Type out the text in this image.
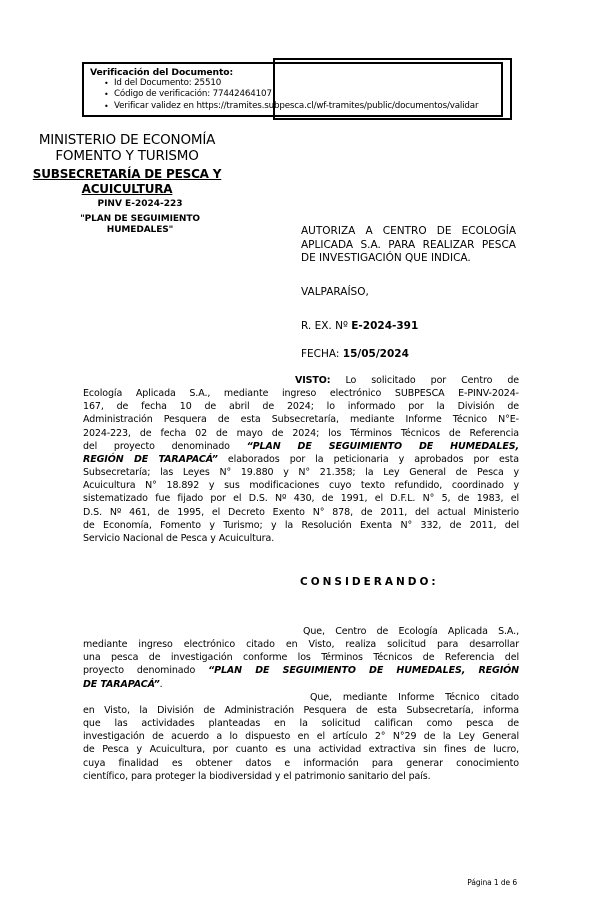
Verificación del Documento:
• Id del Documento: 25510
• Código de verificación: 77442464107
• Verificar validez en https://tramites.subpesca.cl/wf-tramites/public/documentos/validar
MINISTERIO DE ECONOMÍA
FOMENTO Y TURISMO
SUBSECRETARÍA DE PESCA Y
ACUICULTURA
PINV E-2024-223
"PLAN DE SEGUIMIENTO HUMEDALES"	AUTORIZA A CENTRO DE ECOLOGÍA
APLICADA S.A. PARA REALIZAR PESCA
DE INVESTIGACIÓN QUE INDICA.
VALPARAÍSO,
R. EX. Nº E-2024-391
FECHA: 15/05/2024
VISTO: Lo solicitado por Centro de
Ecología Aplicada S.A., mediante ingreso electrónico SUBPESCA E-PINV-2024-
167, de fecha 10 de abril de 2024; lo informado por la División de
Administración Pesquera de esta Subsecretaría, mediante Informe Técnico N°E-
2024-223, de fecha 02 de mayo de 2024; los Términos Técnicos de Referencia
del proyecto denominado “PLAN DE SEGUIMIENTO DE HUMEDALES,
REGIÓN DE TARAPACÁ” elaborados por la peticionaria y aprobados por esta
Subsecretaría; las Leyes N° 19.880 y N° 21.358; la Ley General de Pesca y
Acuicultura N° 18.892 y sus modificaciones cuyo texto refundido, coordinado y
sistematizado fue fijado por el D.S. Nº 430, de 1991, el D.F.L. N° 5, de 1983, el
D.S. Nº 461, de 1995, el Decreto Exento N° 878, de 2011, del actual Ministerio
de Economía, Fomento y Turismo; y la Resolución Exenta N° 332, de 2011, del
Servicio Nacional de Pesca y Acuicultura.
CONSIDERANDO:
Que, Centro de Ecología Aplicada S.A.,
mediante ingreso electrónico citado en Visto, realiza solicitud para desarrollar
una pesca de investigación conforme los Términos Técnicos de Referencia del
proyecto denominado “PLAN DE SEGUIMIENTO DE HUMEDALES, REGIÓN
DE TARAPACÁ”.
Que, mediante Informe Técnico citado
en Visto, la División de Administración Pesquera de esta Subsecretaría, informa
que las actividades planteadas en la solicitud califican como pesca de
investigación de acuerdo a lo dispuesto en el artículo 2° N°29 de la Ley General
de Pesca y Acuicultura, por cuanto es una actividad extractiva sin fines de lucro,
cuya finalidad es obtener datos e información para generar conocimiento
científico, para proteger la biodiversidad y el patrimonio sanitario del país.
Página 1 de 6
